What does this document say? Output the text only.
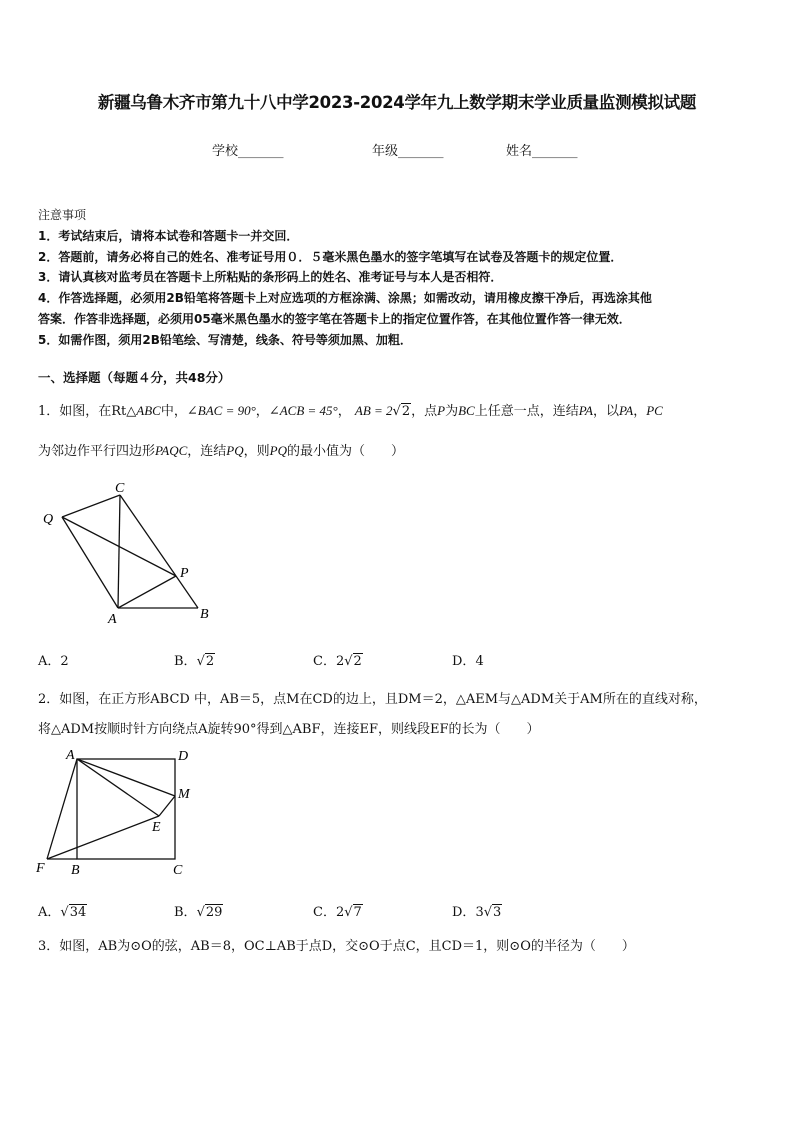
新疆乌鲁木齐市第九十八中学2023-2024学年九上数学期末学业质量监测模拟试题
学校_______	年级_______	姓名_______
注意事项
1．考试结束后，请将本试卷和答题卡一并交回．
2．答题前，请务必将自己的姓名、准考证号用０．５毫米黑色墨水的签字笔填写在试卷及答题卡的规定位置．
3．请认真核对监考员在答题卡上所粘贴的条形码上的姓名、准考证号与本人是否相符．
4．作答选择题，必须用2B铅笔将答题卡上对应选项的方框涂满、涂黑；如需改动，请用橡皮擦干净后，再选涂其他
答案．作答非选择题，必须用05毫米黑色墨水的签字笔在答题卡上的指定位置作答，在其他位置作答一律无效．
5．如需作图，须用2B铅笔绘、写清楚，线条、符号等须加黑、加粗．
一、选择题（每题４分，共48分）
1．如图，在Rt△ABC中，∠BAC = 90°，∠ACB = 45°， AB = 2√2，点P为BC上任意一点，连结PA，以PA，PC
为邻边作平行四边形PAQC，连结PQ，则PQ的最小值为（　　）
C
Q
P
A	B
A．2	B．√2	C．2√2	D．4
2．如图，在正方形ABCD 中，AB＝5，点M在CD的边上，且DM＝2，△AEM与△ADM关于AM所在的直线对称，
将△ADM按顺时针方向绕点A旋转90°得到△ABF，连接EF，则线段EF的长为（　　）
A	D
M
E
F B	C
A．√34	B．√29	C．2√7	D．3√3
3．如图，AB为⊙O的弦，AB＝8，OC⊥AB于点D，交⊙O于点C，且CD＝1，则⊙O的半径为（　　）
